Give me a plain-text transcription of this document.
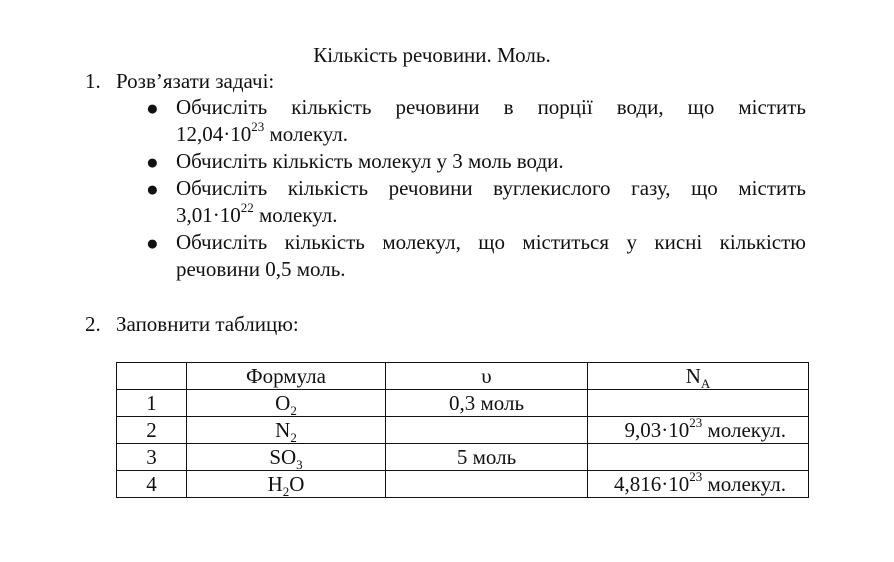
Кількість речовини. Моль.
1. Розв’язати задачі:
● Обчисліть кількість речовини в порції води, що містить
$12,04\cdot 10^{23}$ молекул.
● Обчисліть кількість молекул у 3 моль води.
● Обчисліть кількість речовини вуглекислого газу, що містить
$3,01\cdot 10^{22}$ молекул.
● Обчисліть кількість молекул, що міститься у кисні кількістю
речовини 0,5 моль.
2. Заповнити таблицю:
	Формула	υ	$N_A$
1	$O_2$	0,3 моль	
2	$N_2$		$9,03\cdot 10^{23}$ молекул.
3	$SO_3$	5 моль	
4	$H_2O$		$4,816\cdot 10^{23}$ молекул.
